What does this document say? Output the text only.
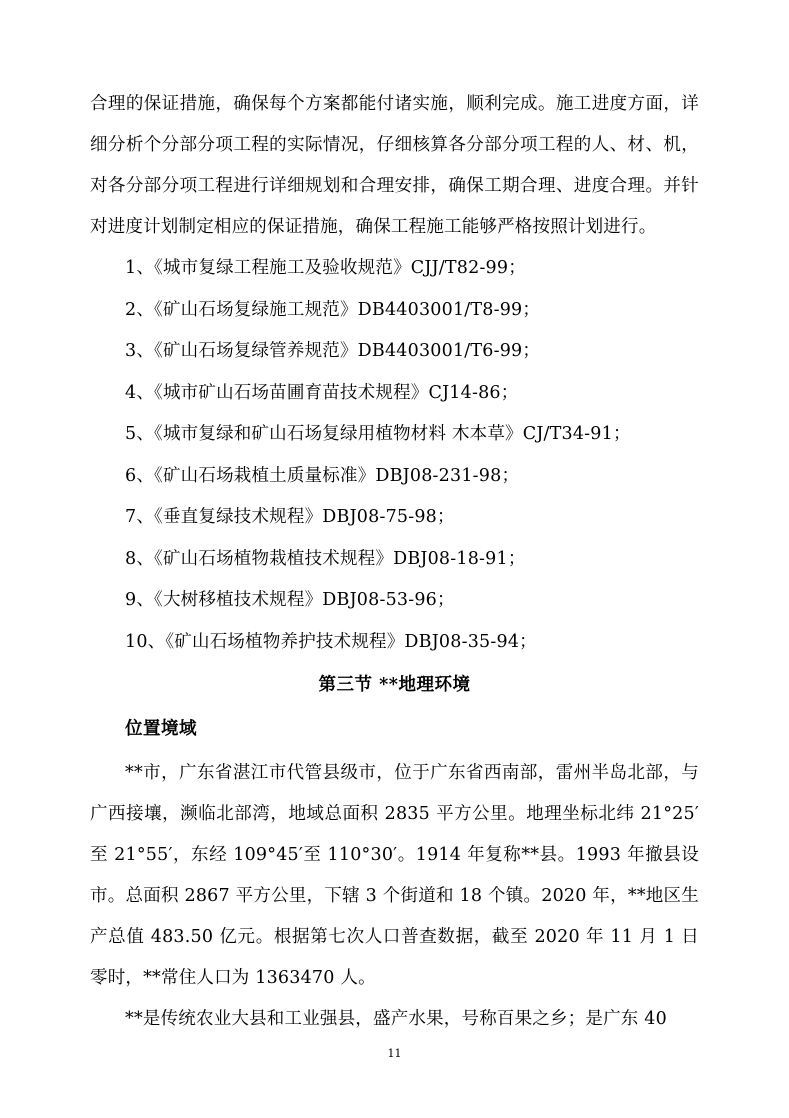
合理的保证措施，确保每个方案都能付诸实施，顺利完成。施工进度方面，详细分析个分部分项工程的实际情况，仔细核算各分部分项工程的人、材、机，对各分部分项工程进行详细规划和合理安排，确保工期合理、进度合理。并针对进度计划制定相应的保证措施，确保工程施工能够严格按照计划进行。

1、《城市复绿工程施工及验收规范》CJJ/T82-99；

2、《矿山石场复绿施工规范》DB4403001/T8-99；

3、《矿山石场复绿管养规范》DB4403001/T6-99；

4、《城市矿山石场苗圃育苗技术规程》CJ14-86；

5、《城市复绿和矿山石场复绿用植物材料 木本草》CJ/T34-91；

6、《矿山石场栽植土质量标准》DBJ08-231-98；

7、《垂直复绿技术规程》DBJ08-75-98；

8、《矿山石场植物栽植技术规程》DBJ08-18-91；

9、《大树移植技术规程》DBJ08-53-96；

10、《矿山石场植物养护技术规程》DBJ08-35-94；

第三节 **地理环境
位置境域

**市，广东省湛江市代管县级市，位于广东省西南部，雷州半岛北部，与广西接壤，濒临北部湾，地域总面积 2835 平方公里。地理坐标北纬 21°25′至 21°55′，东经 109°45′至 110°30′。1914 年复称**县。1993 年撤县设市。总面积 2867 平方公里，下辖 3 个街道和 18 个镇。2020 年，**地区生产总值 483.50 亿元。根据第七次人口普查数据，截至 2020 年 11 月 1 日零时，**常住人口为 1363470 人。

**是传统农业大县和工业强县，盛产水果，号称百果之乡；是广东 40

11
